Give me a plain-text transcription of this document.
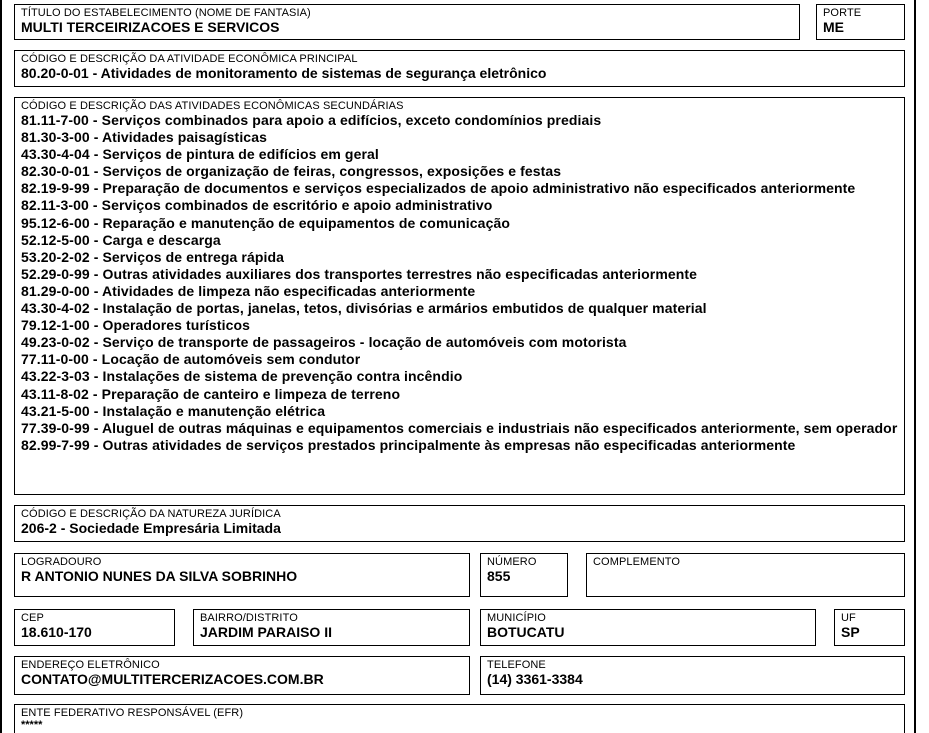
TÍTULO DO ESTABELECIMENTO (NOME DE FANTASIA)
MULTI TERCEIRIZACOES E SERVICOS
PORTE
ME
CÓDIGO E DESCRIÇÃO DA ATIVIDADE ECONÔMICA PRINCIPAL
80.20-0-01 - Atividades de monitoramento de sistemas de segurança eletrônico
CÓDIGO E DESCRIÇÃO DAS ATIVIDADES ECONÔMICAS SECUNDÁRIAS
81.11-7-00 - Serviços combinados para apoio a edifícios, exceto condomínios prediais
81.30-3-00 - Atividades paisagísticas
43.30-4-04 - Serviços de pintura de edifícios em geral
82.30-0-01 - Serviços de organização de feiras, congressos, exposições e festas
82.19-9-99 - Preparação de documentos e serviços especializados de apoio administrativo não especificados anteriormente
82.11-3-00 - Serviços combinados de escritório e apoio administrativo
95.12-6-00 - Reparação e manutenção de equipamentos de comunicação
52.12-5-00 - Carga e descarga
53.20-2-02 - Serviços de entrega rápida
52.29-0-99 - Outras atividades auxiliares dos transportes terrestres não especificadas anteriormente
81.29-0-00 - Atividades de limpeza não especificadas anteriormente
43.30-4-02 - Instalação de portas, janelas, tetos, divisórias e armários embutidos de qualquer material
79.12-1-00 - Operadores turísticos
49.23-0-02 - Serviço de transporte de passageiros - locação de automóveis com motorista
77.11-0-00 - Locação de automóveis sem condutor
43.22-3-03 - Instalações de sistema de prevenção contra incêndio
43.11-8-02 - Preparação de canteiro e limpeza de terreno
43.21-5-00 - Instalação e manutenção elétrica
77.39-0-99 - Aluguel de outras máquinas e equipamentos comerciais e industriais não especificados anteriormente, sem operador
82.99-7-99 - Outras atividades de serviços prestados principalmente às empresas não especificadas anteriormente
CÓDIGO E DESCRIÇÃO DA NATUREZA JURÍDICA
206-2 - Sociedade Empresária Limitada
LOGRADOURO
R ANTONIO NUNES DA SILVA SOBRINHO
NÚMERO
855
COMPLEMENTO
CEP
18.610-170
BAIRRO/DISTRITO
JARDIM PARAISO II
MUNICÍPIO
BOTUCATU
UF
SP
ENDEREÇO ELETRÔNICO
CONTATO@MULTITERCERIZACOES.COM.BR
TELEFONE
(14) 3361-3384
ENTE FEDERATIVO RESPONSÁVEL (EFR)
*****
